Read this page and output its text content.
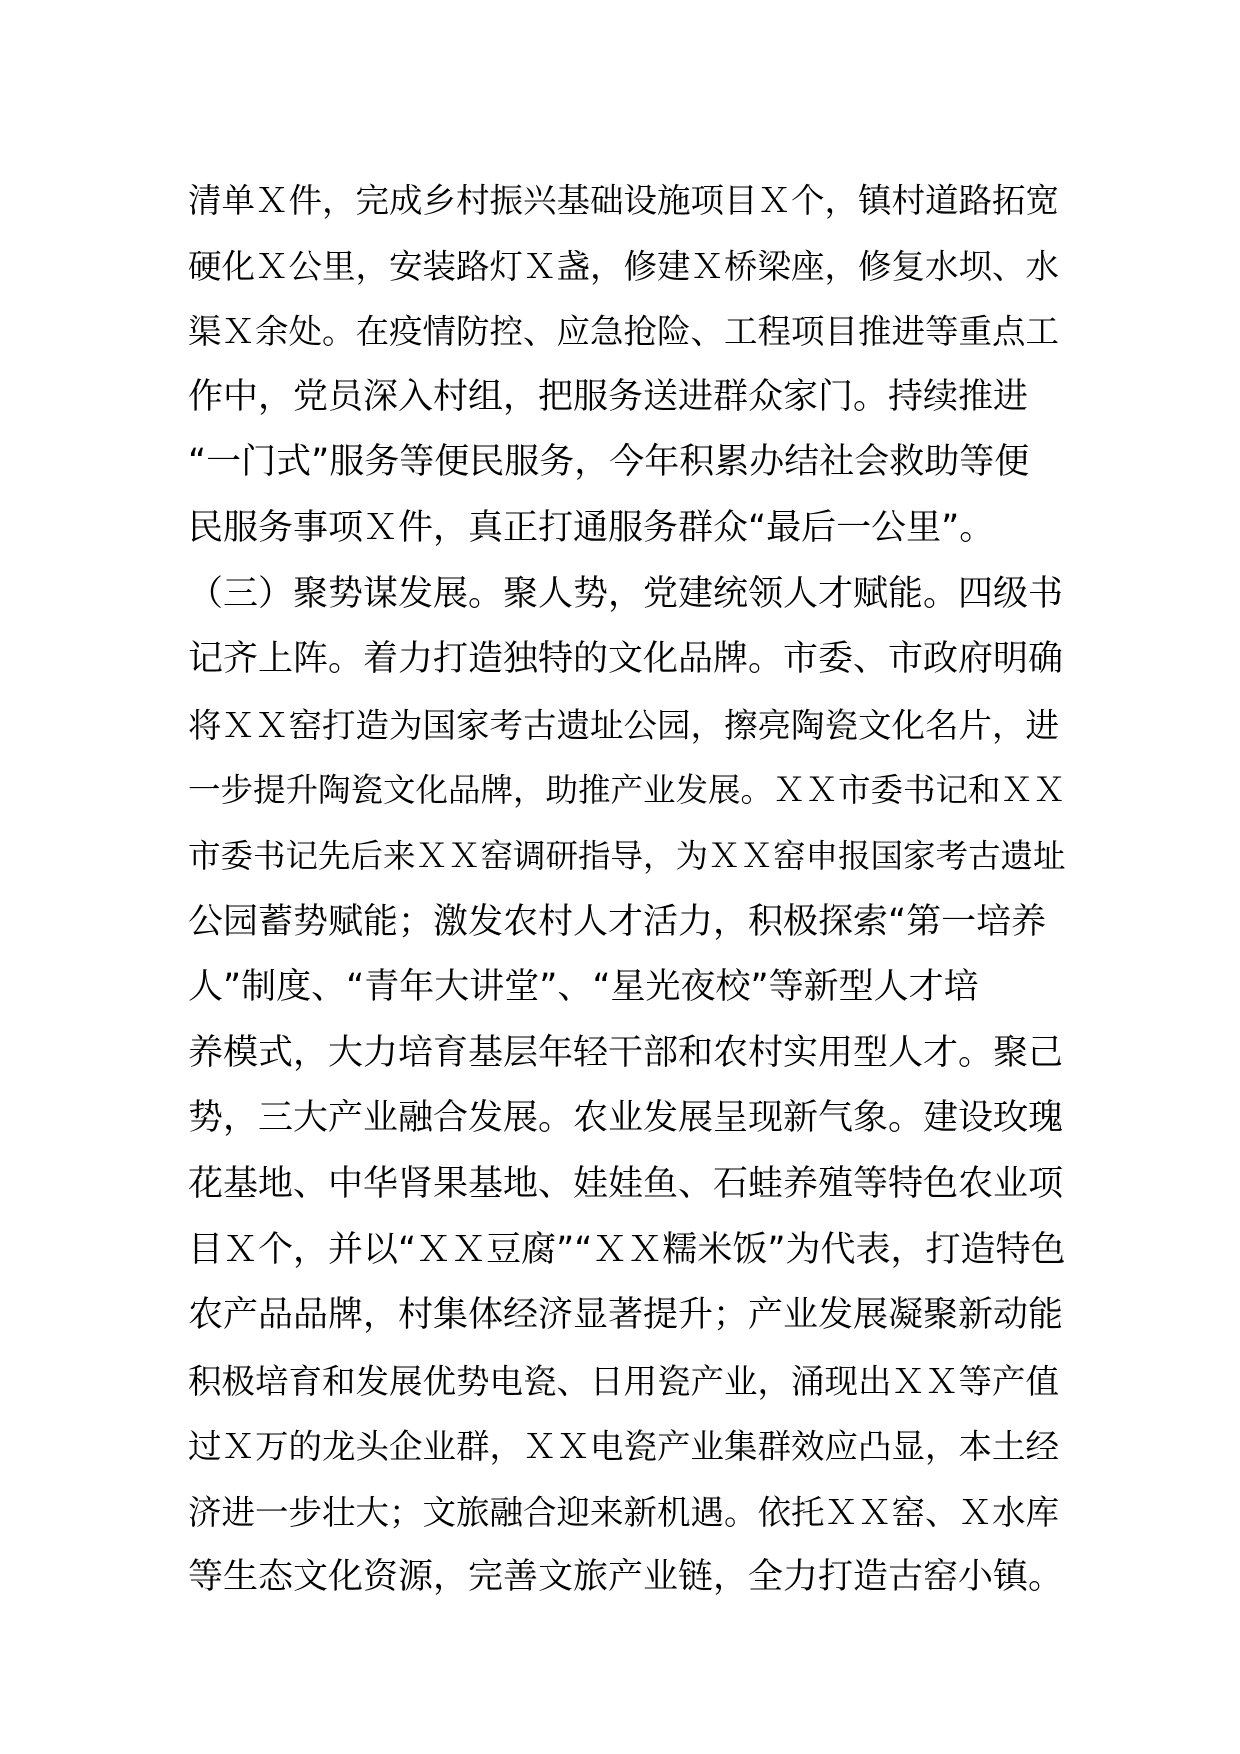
清单Ｘ件，完成乡村振兴基础设施项目Ｘ个，镇村道路拓宽
硬化Ｘ公里，安装路灯Ｘ盏，修建Ｘ桥梁座，修复水坝、水
渠Ｘ余处。在疫情防控、应急抢险、工程项目推进等重点工
作中，党员深入村组，把服务送进群众家门。持续推进
“一门式”服务等便民服务，今年积累办结社会救助等便
民服务事项Ｘ件，真正打通服务群众“最后一公里”。
（三）聚势谋发展。聚人势，党建统领人才赋能。四级书
记齐上阵。着力打造独特的文化品牌。市委、市政府明确
将ＸＸ窑打造为国家考古遗址公园，擦亮陶瓷文化名片，进
一步提升陶瓷文化品牌，助推产业发展。ＸＸ市委书记和ＸＸ
市委书记先后来ＸＸ窑调研指导，为ＸＸ窑申报国家考古遗址
公园蓄势赋能；激发农村人才活力，积极探索“第一培养
人”制度、“青年大讲堂”、“星光夜校”等新型人才培
养模式，大力培育基层年轻干部和农村实用型人才。聚己
势，三大产业融合发展。农业发展呈现新气象。建设玫瑰
花基地、中华肾果基地、娃娃鱼、石蛙养殖等特色农业项
目Ｘ个，并以“ＸＸ豆腐”“ＸＸ糯米饭”为代表，打造特色
农产品品牌，村集体经济显著提升；产业发展凝聚新动能
积极培育和发展优势电瓷、日用瓷产业，涌现出ＸＸ等产值
过Ｘ万的龙头企业群，ＸＸ电瓷产业集群效应凸显，本土经
济进一步壮大；文旅融合迎来新机遇。依托ＸＸ窑、Ｘ水库
等生态文化资源，完善文旅产业链，全力打造古窑小镇。
